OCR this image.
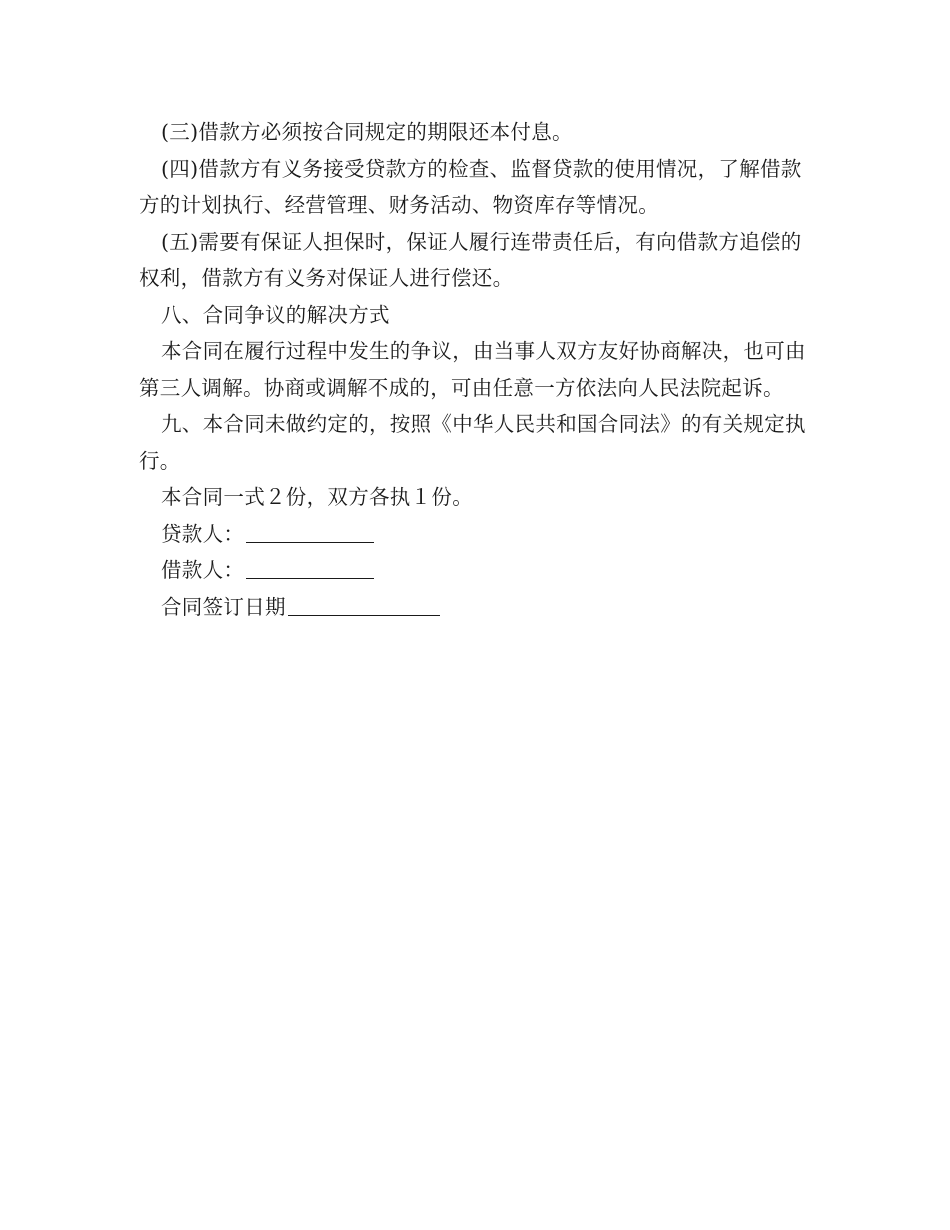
(三)借款方必须按合同规定的期限还本付息。

(四)借款方有义务接受贷款方的检查、监督贷款的使用情况，了解借款方的计划执行、经营管理、财务活动、物资库存等情况。

(五)需要有保证人担保时，保证人履行连带责任后，有向借款方追偿的权利，借款方有义务对保证人进行偿还。

八、合同争议的解决方式

本合同在履行过程中发生的争议，由当事人双方友好协商解决，也可由第三人调解。协商或调解不成的，可由任意一方依法向人民法院起诉。

九、本合同未做约定的，按照《中华人民共和国合同法》的有关规定执行。

本合同一式２份，双方各执１份。

贷款人：

借款人：

合同签订日期
